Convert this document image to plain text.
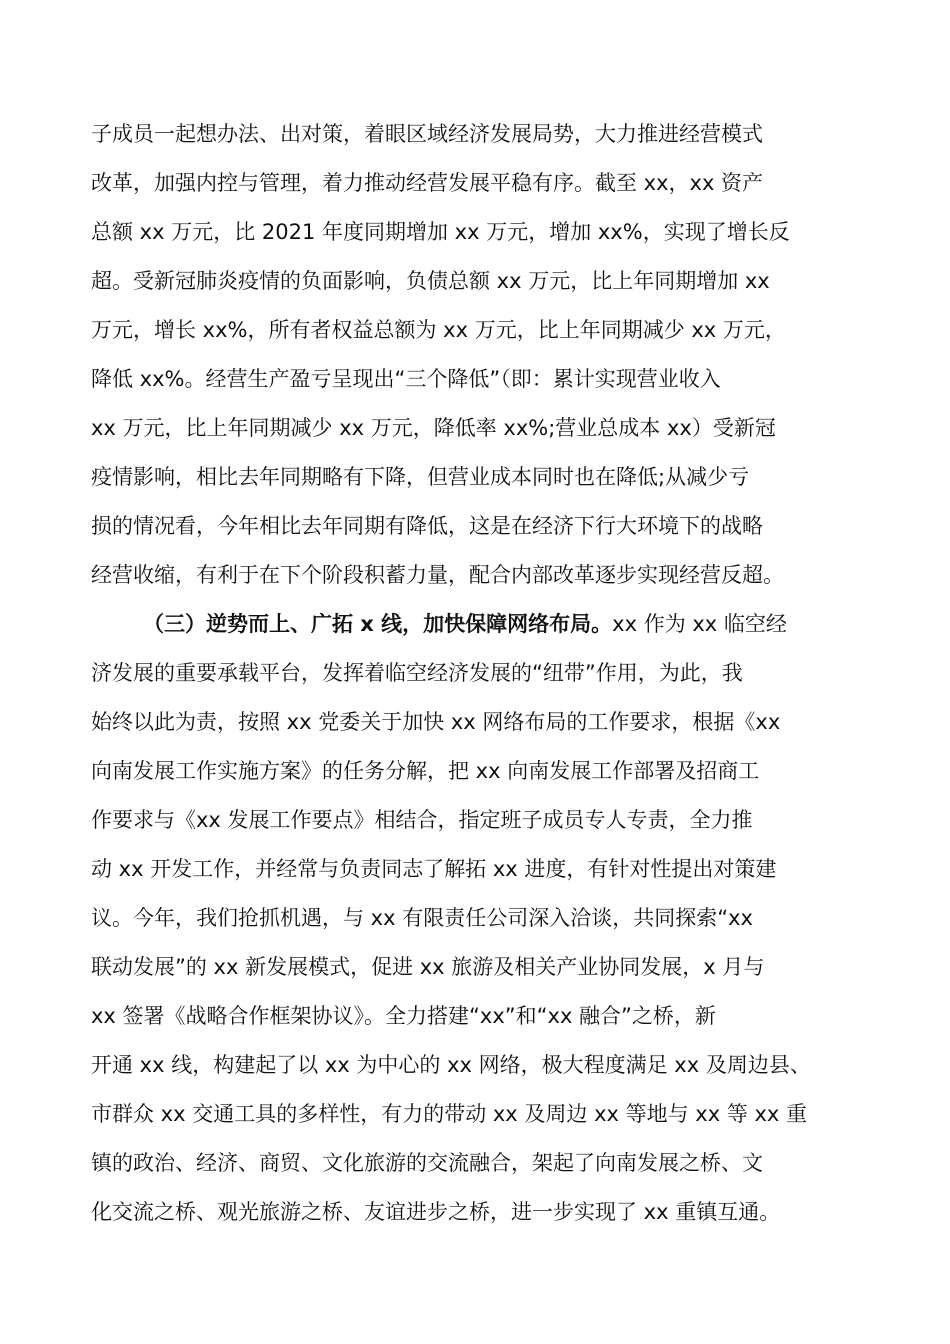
子成员一起想办法、出对策，着眼区域经济发展局势，大力推进经营模式
改革，加强内控与管理，着力推动经营发展平稳有序。截至 xx，xx 资产
总额 xx 万元，比 2021 年度同期增加 xx 万元，增加 xx%，实现了增长反
超。受新冠肺炎疫情的负面影响，负债总额 xx 万元，比上年同期增加 xx
万元，增长 xx%，所有者权益总额为 xx 万元，比上年同期减少 xx 万元，
降低 xx%。经营生产盈亏呈现出“三个降低”（即：累计实现营业收入
xx 万元，比上年同期减少 xx 万元，降低率 xx%;营业总成本 xx）受新冠
疫情影响，相比去年同期略有下降，但营业成本同时也在降低;从减少亏
损的情况看，今年相比去年同期有降低，这是在经济下行大环境下的战略
经营收缩，有利于在下个阶段积蓄力量，配合内部改革逐步实现经营反超。
（三）逆势而上、广拓 x 线，加快保障网络布局。xx 作为 xx 临空经
济发展的重要承载平台，发挥着临空经济发展的“纽带”作用，为此，我
始终以此为责，按照 xx 党委关于加快 xx 网络布局的工作要求，根据《xx
向南发展工作实施方案》的任务分解，把 xx 向南发展工作部署及招商工
作要求与《xx 发展工作要点》相结合，指定班子成员专人专责，全力推
动 xx 开发工作，并经常与负责同志了解拓 xx 进度，有针对性提出对策建
议。今年，我们抢抓机遇，与 xx 有限责任公司深入洽谈，共同探索“xx
联动发展”的 xx 新发展模式，促进 xx 旅游及相关产业协同发展，x 月与
xx 签署《战略合作框架协议》。全力搭建“xx”和“xx 融合”之桥，新
开通 xx 线，构建起了以 xx 为中心的 xx 网络，极大程度满足 xx 及周边县、
市群众 xx 交通工具的多样性，有力的带动 xx 及周边 xx 等地与 xx 等 xx 重
镇的政治、经济、商贸、文化旅游的交流融合，架起了向南发展之桥、文
化交流之桥、观光旅游之桥、友谊进步之桥，进一步实现了 xx 重镇互通。
